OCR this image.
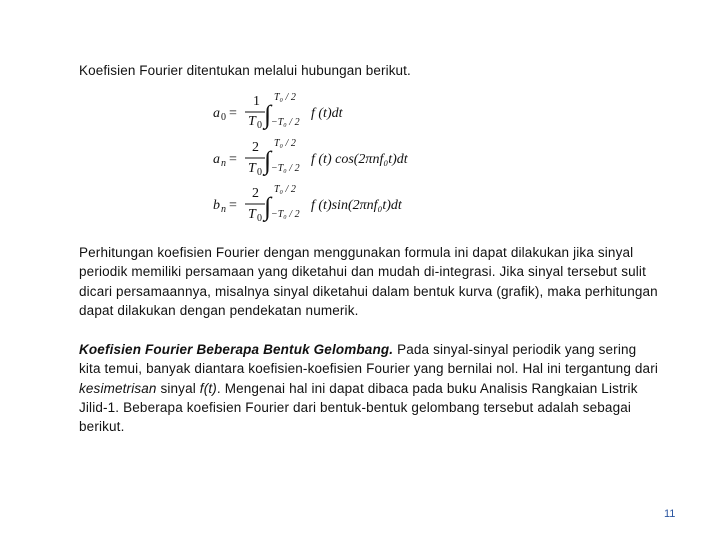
Koefisien Fourier ditentukan melalui hubungan berikut.
a 0 =
1
T 0 ∫
T₀ / 2
−T₀ / 2
f (t)dt
a n =
2
T 0 ∫
T₀ / 2
−T₀ / 2
f (t) cos(2πnf₀t)dt
b n =
2
T 0 ∫
T₀ / 2
−T₀ / 2
f (t)sin(2πnf₀t)dt
Perhitungan koefisien Fourier dengan menggunakan formula ini dapat dilakukan jika sinyal periodik memiliki persamaan yang diketahui dan mudah di-integrasi. Jika sinyal tersebut sulit dicari persamaannya, misalnya sinyal diketahui dalam bentuk kurva (grafik), maka perhitungan dapat dilakukan dengan pendekatan numerik.
Koefisien Fourier Beberapa Bentuk Gelombang. Pada sinyal-sinyal periodik yang sering kita temui, banyak diantara koefisien-koefisien Fourier yang bernilai nol. Hal ini tergantung dari kesimetrisan sinyal f(t). Mengenai hal ini dapat dibaca pada buku Analisis Rangkaian Listrik Jilid-1. Beberapa koefisien Fourier dari bentuk-bentuk gelombang tersebut adalah sebagai berikut.
11
